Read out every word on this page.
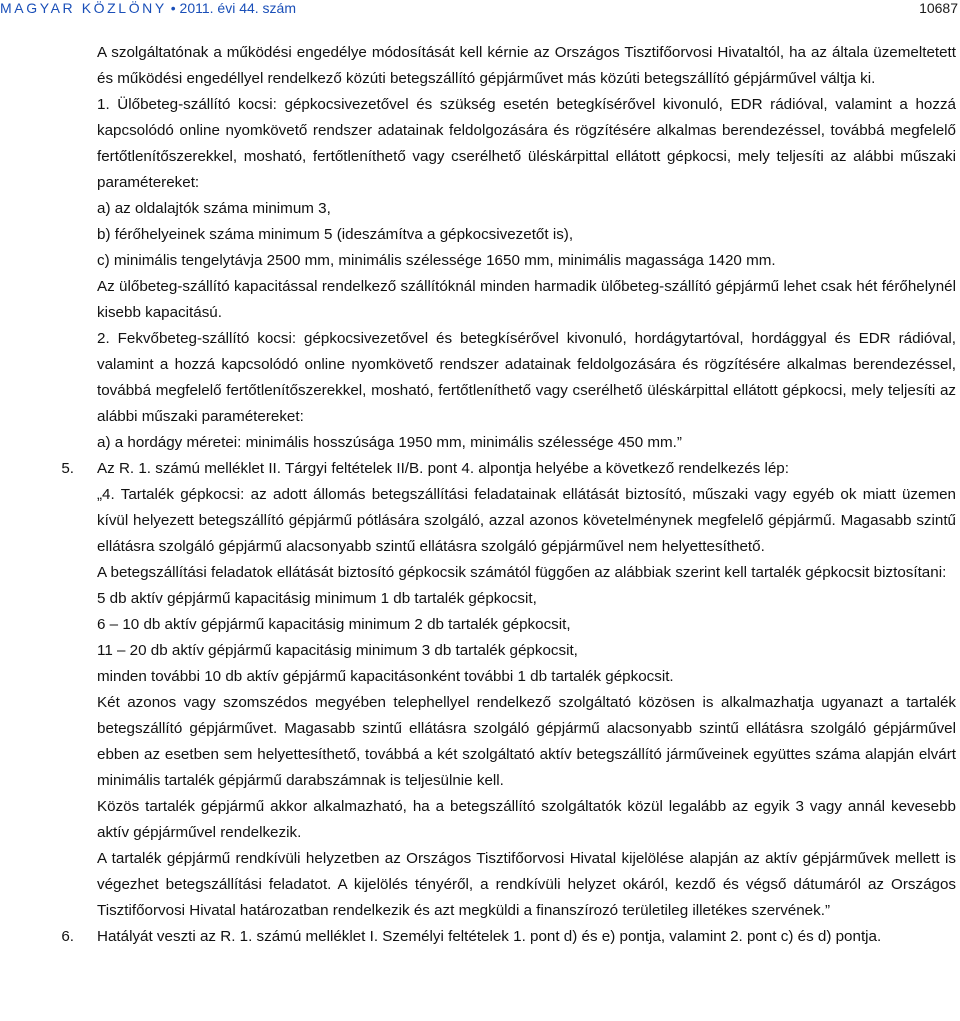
MAGYAR KÖZLÖNY • 2011. évi 44. szám	10687

A szolgáltatónak a működési engedélye módosítását kell kérnie az Országos Tisztifőorvosi Hivataltól, ha az általa üzemeltetett és működési engedéllyel rendelkező közúti betegszállító gépjárművet más közúti betegszállító gépjárművel váltja ki.

1. Ülőbeteg-szállító kocsi: gépkocsivezetővel és szükség esetén betegkísérővel kivonuló, EDR rádióval, valamint a hozzá kapcsolódó online nyomkövető rendszer adatainak feldolgozására és rögzítésére alkalmas berendezéssel, továbbá megfelelő fertőtlenítőszerekkel, mosható, fertőtleníthető vagy cserélhető üléskárpittal ellátott gépkocsi, mely teljesíti az alábbi műszaki paramétereket:

a) az oldalajtók száma minimum 3,

b) férőhelyeinek száma minimum 5 (ideszámítva a gépkocsivezetőt is),

c) minimális tengelytávja 2500 mm, minimális szélessége 1650 mm, minimális magassága 1420 mm.

Az ülőbeteg-szállító kapacitással rendelkező szállítóknál minden harmadik ülőbeteg-szállító gépjármű lehet csak hét férőhelynél kisebb kapacitású.

2. Fekvőbeteg-szállító kocsi: gépkocsivezetővel és betegkísérővel kivonuló, hordágytartóval, hordággyal és EDR rádióval, valamint a hozzá kapcsolódó online nyomkövető rendszer adatainak feldolgozására és rögzítésére alkalmas berendezéssel, továbbá megfelelő fertőtlenítőszerekkel, mosható, fertőtleníthető vagy cserélhető üléskárpittal ellátott gépkocsi, mely teljesíti az alábbi műszaki paramétereket:

a) a hordágy méretei: minimális hosszúsága 1950 mm, minimális szélessége 450 mm.”

5.	Az R. 1. számú melléklet II. Tárgyi feltételek II/B. pont 4. alpontja helyébe a következő rendelkezés lép:

„4. Tartalék gépkocsi: az adott állomás betegszállítási feladatainak ellátását biztosító, műszaki vagy egyéb ok miatt üzemen kívül helyezett betegszállító gépjármű pótlására szolgáló, azzal azonos követelménynek megfelelő gépjármű. Magasabb szintű ellátásra szolgáló gépjármű alacsonyabb szintű ellátásra szolgáló gépjárművel nem helyettesíthető.

A betegszállítási feladatok ellátását biztosító gépkocsik számától függően az alábbiak szerint kell tartalék gépkocsit biztosítani:

5 db aktív gépjármű kapacitásig minimum 1 db tartalék gépkocsit,

6 – 10 db aktív gépjármű kapacitásig minimum 2 db tartalék gépkocsit,

11 – 20 db aktív gépjármű kapacitásig minimum 3 db tartalék gépkocsit,

minden további 10 db aktív gépjármű kapacitásonként további 1 db tartalék gépkocsit.

Két azonos vagy szomszédos megyében telephellyel rendelkező szolgáltató közösen is alkalmazhatja ugyanazt a tartalék betegszállító gépjárművet. Magasabb szintű ellátásra szolgáló gépjármű alacsonyabb szintű ellátásra szolgáló gépjárművel ebben az esetben sem helyettesíthető, továbbá a két szolgáltató aktív betegszállító járműveinek együttes száma alapján elvárt minimális tartalék gépjármű darabszámnak is teljesülnie kell.

Közös tartalék gépjármű akkor alkalmazható, ha a betegszállító szolgáltatók közül legalább az egyik 3 vagy annál kevesebb aktív gépjárművel rendelkezik.

A tartalék gépjármű rendkívüli helyzetben az Országos Tisztifőorvosi Hivatal kijelölése alapján az aktív gépjárművek mellett is végezhet betegszállítási feladatot. A kijelölés tényéről, a rendkívüli helyzet okáról, kezdő és végső dátumáról az Országos Tisztifőorvosi Hivatal határozatban rendelkezik és azt megküldi a finanszírozó területileg illetékes szervének.”

6.	Hatályát veszti az R. 1. számú melléklet I. Személyi feltételek 1. pont d) és e) pontja, valamint 2. pont c) és d) pontja.
